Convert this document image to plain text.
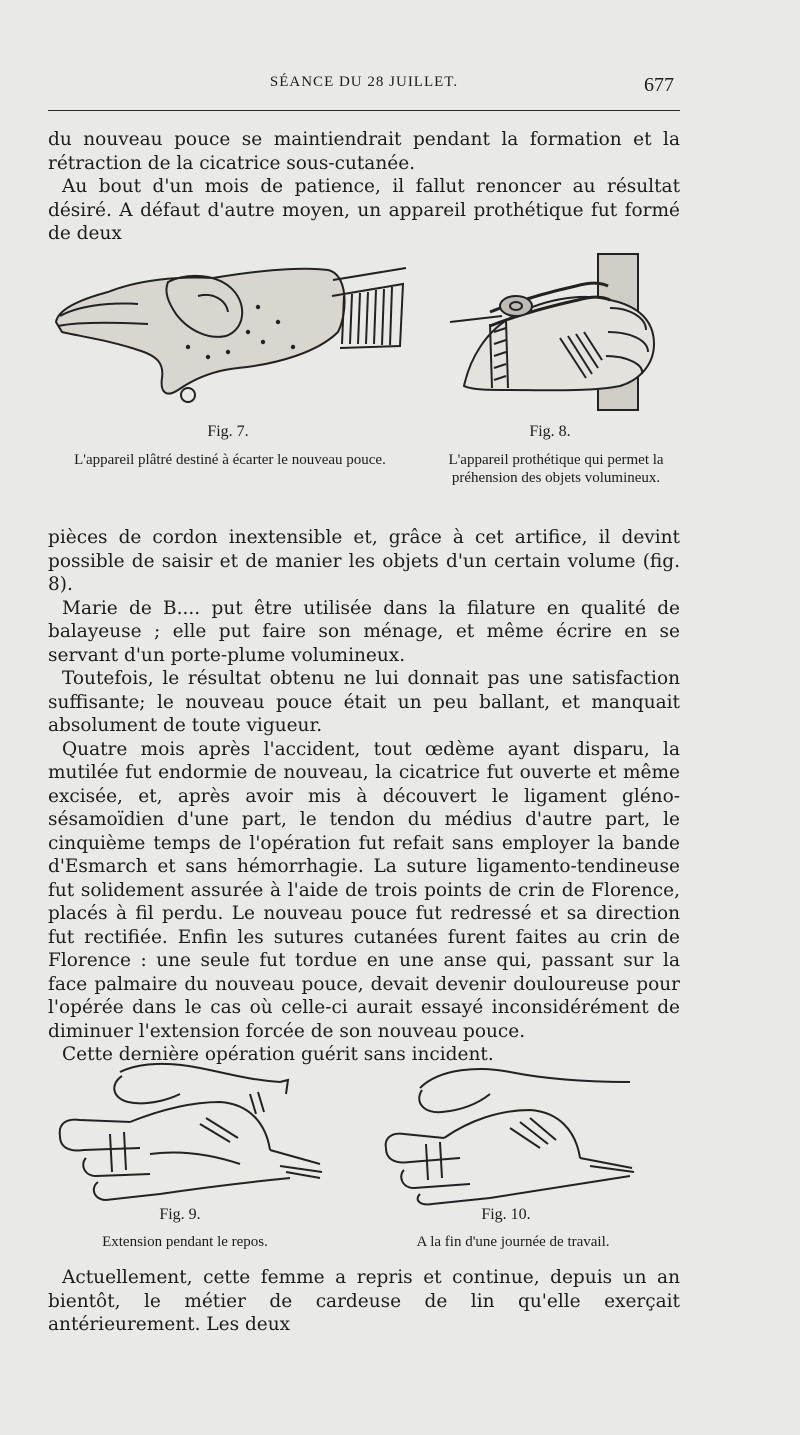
SÉANCE DU 28 JUILLET.	677

du nouveau pouce se maintiendrait pendant la formation et la rétraction de la cicatrice sous-cutanée.

Au bout d'un mois de patience, il fallut renoncer au résultat désiré. A défaut d'autre moyen, un appareil prothétique fut formé de deux

Fig. 7.
L'appareil plâtré destiné à écarter le nouveau pouce.
Fig. 8.
L'appareil prothétique qui permet la préhension des objets volumineux.

pièces de cordon inextensible et, grâce à cet artifice, il devint possible de saisir et de manier les objets d'un certain volume (fig. 8).

Marie de B.... put être utilisée dans la filature en qualité de balayeuse ; elle put faire son ménage, et même écrire en se servant d'un porte-plume volumineux.

Toutefois, le résultat obtenu ne lui donnait pas une satisfaction suffisante; le nouveau pouce était un peu ballant, et manquait absolument de toute vigueur.

Quatre mois après l'accident, tout œdème ayant disparu, la mutilée fut endormie de nouveau, la cicatrice fut ouverte et même excisée, et, après avoir mis à découvert le ligament gléno-sésamoïdien d'une part, le tendon du médius d'autre part, le cinquième temps de l'opération fut refait sans employer la bande d'Esmarch et sans hémorrhagie. La suture ligamento-tendineuse fut solidement assurée à l'aide de trois points de crin de Florence, placés à fil perdu. Le nouveau pouce fut redressé et sa direction fut rectifiée. Enfin les sutures cutanées furent faites au crin de Florence : une seule fut tordue en une anse qui, passant sur la face palmaire du nouveau pouce, devait devenir douloureuse pour l'opérée dans le cas où celle-ci aurait essayé inconsidérément de diminuer l'extension forcée de son nouveau pouce.

Cette dernière opération guérit sans incident.

Fig. 9.
Extension pendant le repos.
Fig. 10.
A la fin d'une journée de travail.

Actuellement, cette femme a repris et continue, depuis un an bientôt, le métier de cardeuse de lin qu'elle exerçait antérieurement. Les deux
